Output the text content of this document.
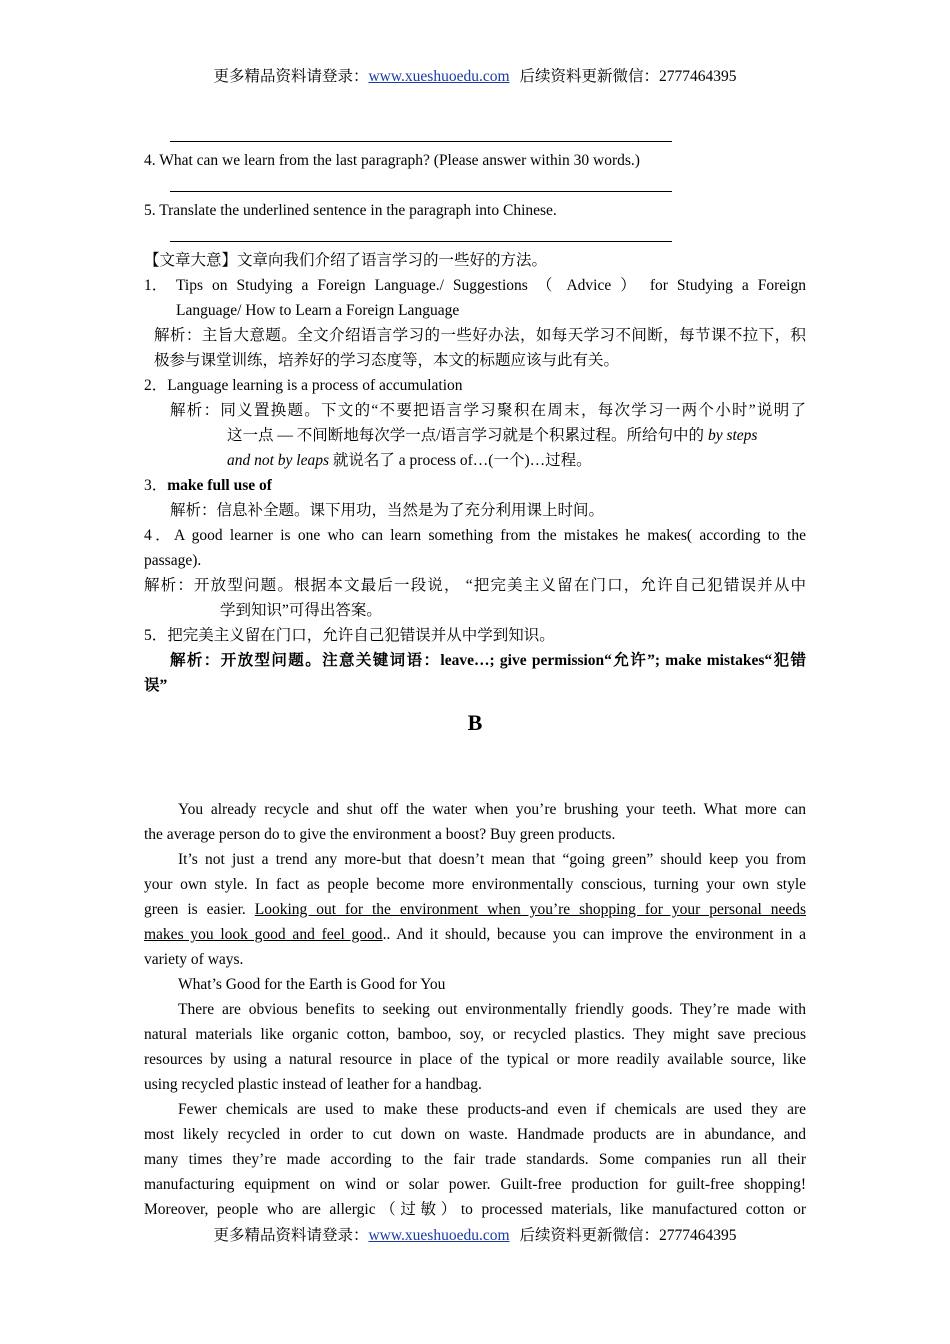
更多精品资料请登录：www.xueshuoedu.com 后续资料更新微信：2777464395
4. What can we learn from the last paragraph? (Please answer within 30 words.)
5. Translate the underlined sentence in the paragraph into Chinese.
【文章大意】文章向我们介绍了语言学习的一些好的方法。
1． Tips on Studying a Foreign Language./ Suggestions （ Advice ） for Studying a Foreign
Language/ How to Learn a Foreign Language
解析：主旨大意题。全文介绍语言学习的一些好办法，如每天学习不间断，每节课不拉下，积
极参与课堂训练，培养好的学习态度等，本文的标题应该与此有关。
2．Language learning is a process of accumulation
解析：同义置换题。下文的“不要把语言学习聚积在周末，每次学习一两个小时”说明了
这一点 — 不间断地每次学一点/语言学习就是个积累过程。所给句中的 by steps
and not by leaps 就说名了 a process of…(一个)…过程。
3．make full use of
解析：信息补全题。课下用功，当然是为了充分利用课上时间。
4．A good learner is one who can learn something from the mistakes he makes( according to the
passage).
解析：开放型问题。根据本文最后一段说， “把完美主义留在门口，允许自己犯错误并从中
学到知识”可得出答案。
5．把完美主义留在门口，允许自己犯错误并从中学到知识。
解析：开放型问题。注意关键词语：leave…; give permission“允许”; make mistakes“犯错
误”
B
You already recycle and shut off the water when you’re brushing your teeth. What more can
the average person do to give the environment a boost? Buy green products.
It’s not just a trend any more-but that doesn’t mean that “going green” should keep you from
your own style. In fact as people become more environmentally conscious, turning your own style
green is easier. Looking out for the environment when you’re shopping for your personal needs
makes you look good and feel good.. And it should, because you can improve the environment in a
variety of ways.
What’s Good for the Earth is Good for You
There are obvious benefits to seeking out environmentally friendly goods. They’re made with
natural materials like organic cotton, bamboo, soy, or recycled plastics. They might save precious
resources by using a natural resource in place of the typical or more readily available source, like
using recycled plastic instead of leather for a handbag.
Fewer chemicals are used to make these products-and even if chemicals are used they are
most likely recycled in order to cut down on waste. Handmade products are in abundance, and
many times they’re made according to the fair trade standards. Some companies run all their
manufacturing equipment on wind or solar power. Guilt-free production for guilt-free shopping!
Moreover, people who are allergic（过敏）to processed materials, like manufactured cotton or
更多精品资料请登录：www.xueshuoedu.com 后续资料更新微信：2777464395
